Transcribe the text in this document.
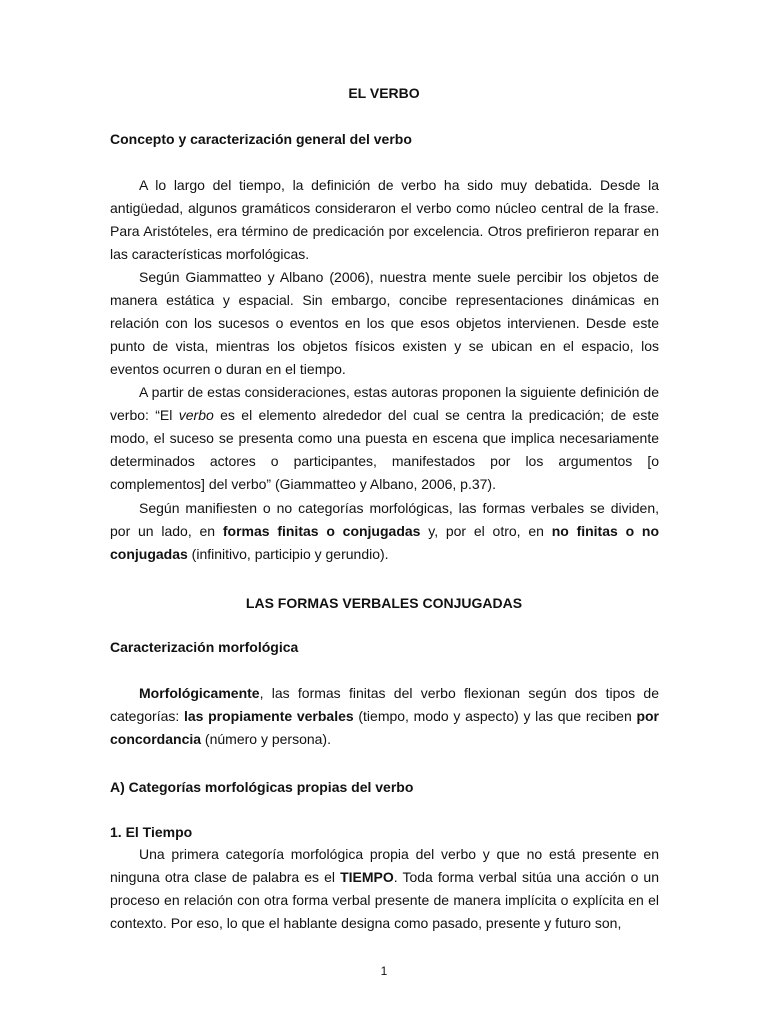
EL VERBO
Concepto y caracterización general del verbo

A lo largo del tiempo, la definición de verbo ha sido muy debatida. Desde la antigüedad, algunos gramáticos consideraron el verbo como núcleo central de la frase. Para Aristóteles, era término de predicación por excelencia. Otros prefirieron reparar en las características morfológicas.

Según Giammatteo y Albano (2006), nuestra mente suele percibir los objetos de manera estática y espacial. Sin embargo, concibe representaciones dinámicas en relación con los sucesos o eventos en los que esos objetos intervienen. Desde este punto de vista, mientras los objetos físicos existen y se ubican en el espacio, los eventos ocurren o duran en el tiempo.

A partir de estas consideraciones, estas autoras proponen la siguiente definición de verbo: “El verbo es el elemento alrededor del cual se centra la predicación; de este modo, el suceso se presenta como una puesta en escena que implica necesariamente determinados actores o participantes, manifestados por los argumentos [o complementos] del verbo” (Giammatteo y Albano, 2006, p.37).

Según manifiesten o no categorías morfológicas, las formas verbales se dividen, por un lado, en formas finitas o conjugadas y, por el otro, en no finitas o no conjugadas (infinitivo, participio y gerundio).

LAS FORMAS VERBALES CONJUGADAS
Caracterización morfológica

Morfológicamente, las formas finitas del verbo flexionan según dos tipos de categorías: las propiamente verbales (tiempo, modo y aspecto) y las que reciben por concordancia (número y persona).

A) Categorías morfológicas propias del verbo
1. El Tiempo

Una primera categoría morfológica propia del verbo y que no está presente en ninguna otra clase de palabra es el TIEMPO. Toda forma verbal sitúa una acción o un proceso en relación con otra forma verbal presente de manera implícita o explícita en el contexto. Por eso, lo que el hablante designa como pasado, presente y futuro son,

1
